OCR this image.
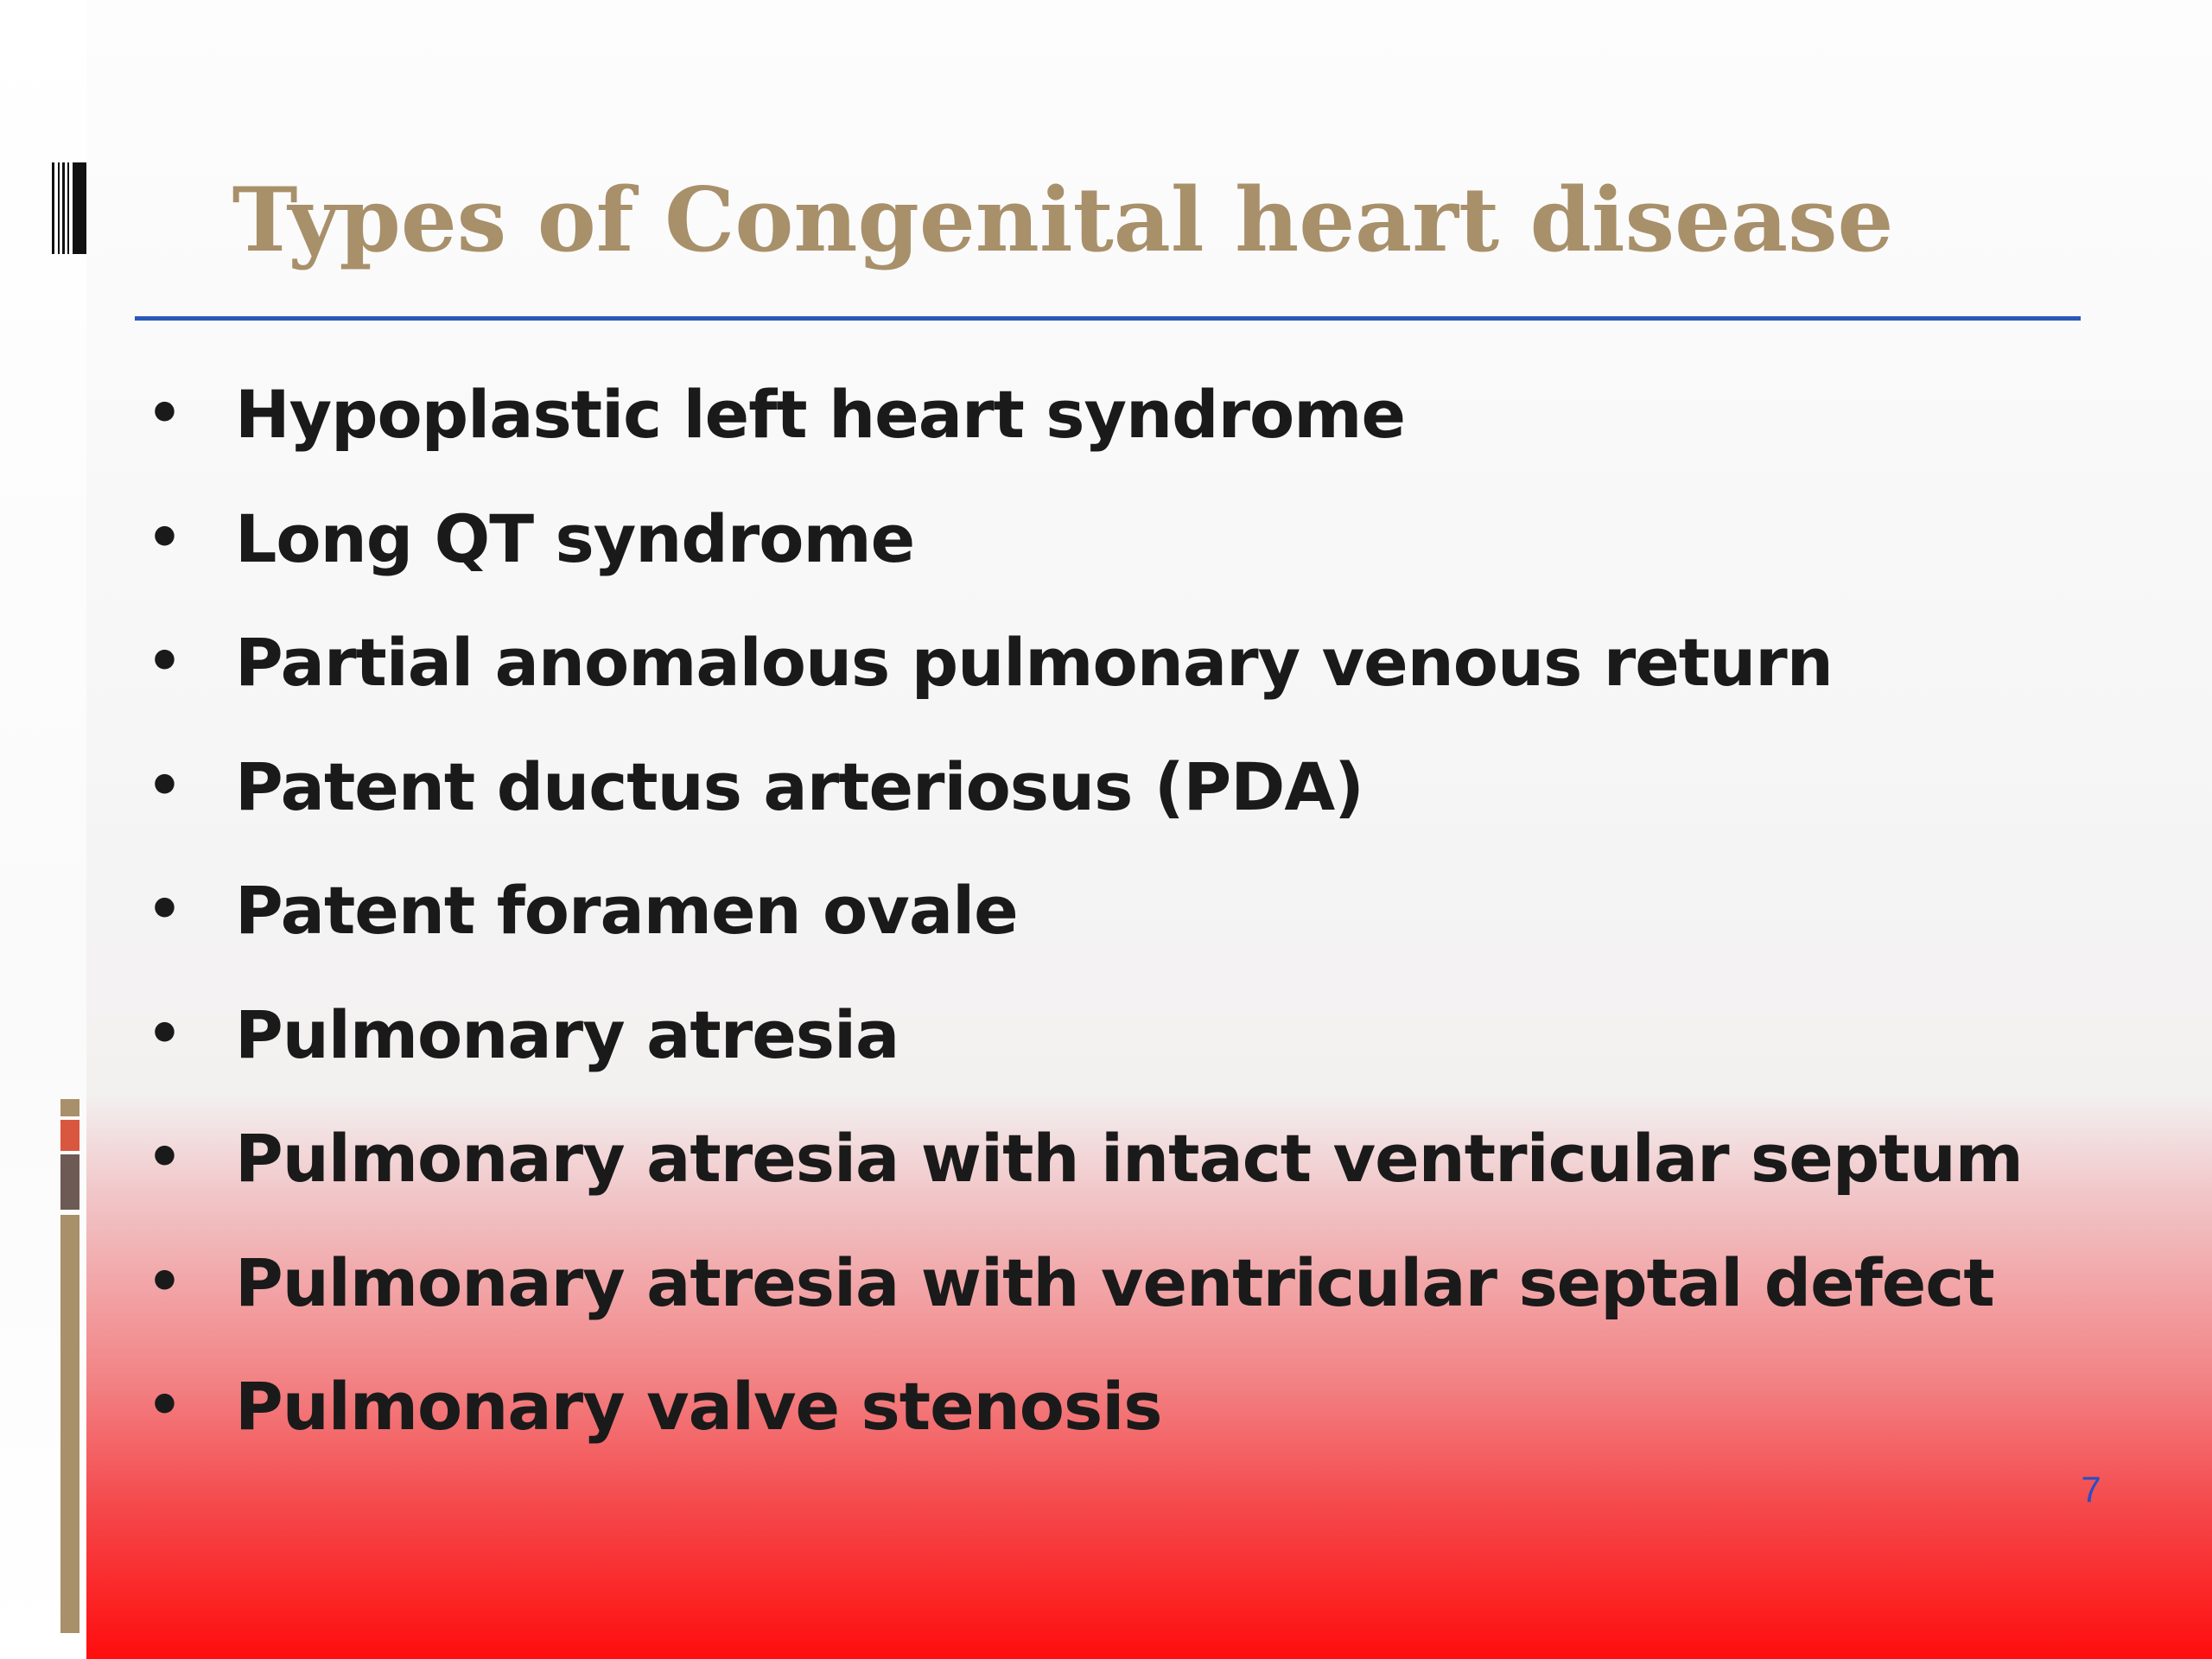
Types of Congenital heart disease
• Hypoplastic left heart syndrome
• Long QT syndrome
• Partial anomalous pulmonary venous return
• Patent ductus arteriosus (PDA)
• Patent foramen ovale
• Pulmonary atresia
• Pulmonary atresia with intact ventricular septum
• Pulmonary atresia with ventricular septal defect
• Pulmonary valve stenosis
7
